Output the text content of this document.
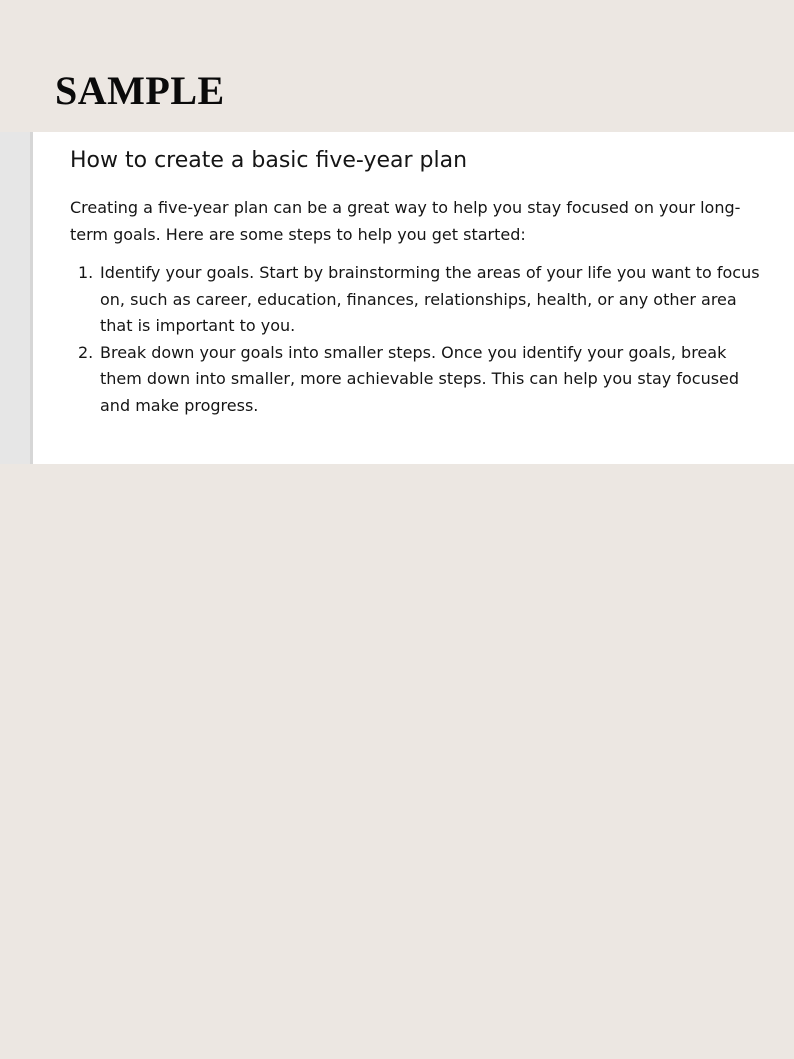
SAMPLE
How to create a basic five-year plan

Creating a five-year plan can be a great way to help you stay focused on your long-term goals. Here are some steps to help you get started:

1. Identify your goals. Start by brainstorming the areas of your life you want to focus on, such as career, education, finances, relationships, health, or any other area that is important to you.
2. Break down your goals into smaller steps. Once you identify your goals, break them down into smaller, more achievable steps. This can help you stay focused and make progress.
